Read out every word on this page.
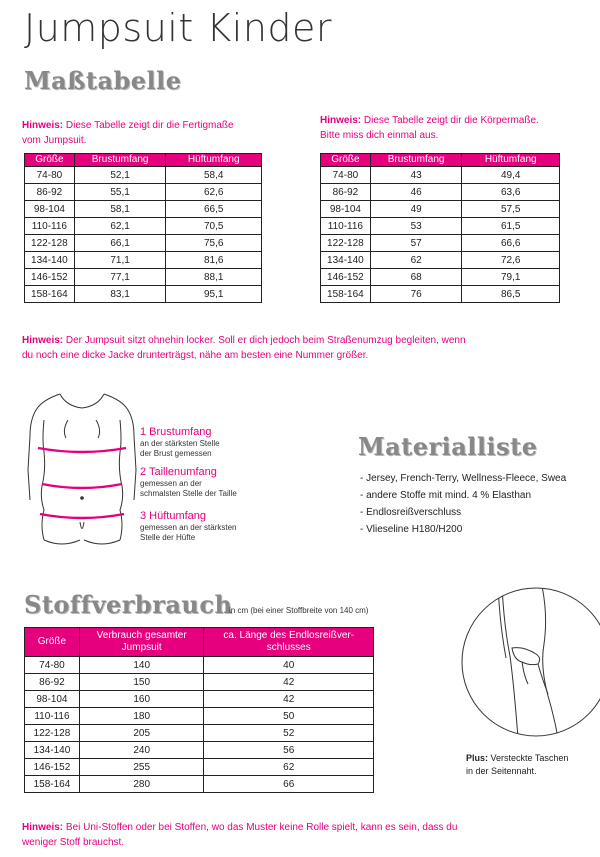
Jumpsuit Kinder
Maßtabelle
Hinweis: Diese Tabelle zeigt dir die Fertigmaße
vom Jumpsuit.
Größe	Brustumfang	Hüftumfang
74-80	52,1	58,4
86-92	55,1	62,6
98-104	58,1	66,5
110-116	62,1	70,5
122-128	66,1	75,6
134-140	71,1	81,6
146-152	77,1	88,1
158-164	83,1	95,1
Hinweis: Diese Tabelle zeigt dir die Körpermaße.
Bitte miss dich einmal aus.
Größe	Brustumfang	Hüftumfang
74-80	43	49,4
86-92	46	63,6
98-104	49	57,5
110-116	53	61,5
122-128	57	66,6
134-140	62	72,6
146-152	68	79,1
158-164	76	86,5
Hinweis: Der Jumpsuit sitzt ohnehin locker. Soll er dich jedoch beim Straßenumzug begleiten, wenn
du noch eine dicke Jacke drunterträgst, nähe am besten eine Nummer größer.
1 Brustumfang
an der stärksten Stelle
der Brust gemessen
2 Taillenumfang
gemessen an der
schmalsten Stelle der Taille
3 Hüftumfang
gemessen an der stärksten
Stelle der Hüfte
Materialliste
- Jersey, French-Terry, Wellness-Fleece, Swea
- andere Stoffe mit mind. 4 % Elasthan
- Endlosreißverschluss
- Vlieseline H180/H200
Stoffverbrauch
in cm (bei einer Stoffbreite von 140 cm)
Größe	Verbrauch gesamter Jumpsuit	ca. Länge des Endlosreißver-schlusses
74-80	140	40
86-92	150	42
98-104	160	42
110-116	180	50
122-128	205	52
134-140	240	56
146-152	255	62
158-164	280	66
Hinweis: Bei Uni-Stoffen oder bei Stoffen, wo das Muster keine Rolle spielt, kann es sein, dass du
weniger Stoff brauchst.
Plus: Versteckte Taschen
in der Seitennaht.
